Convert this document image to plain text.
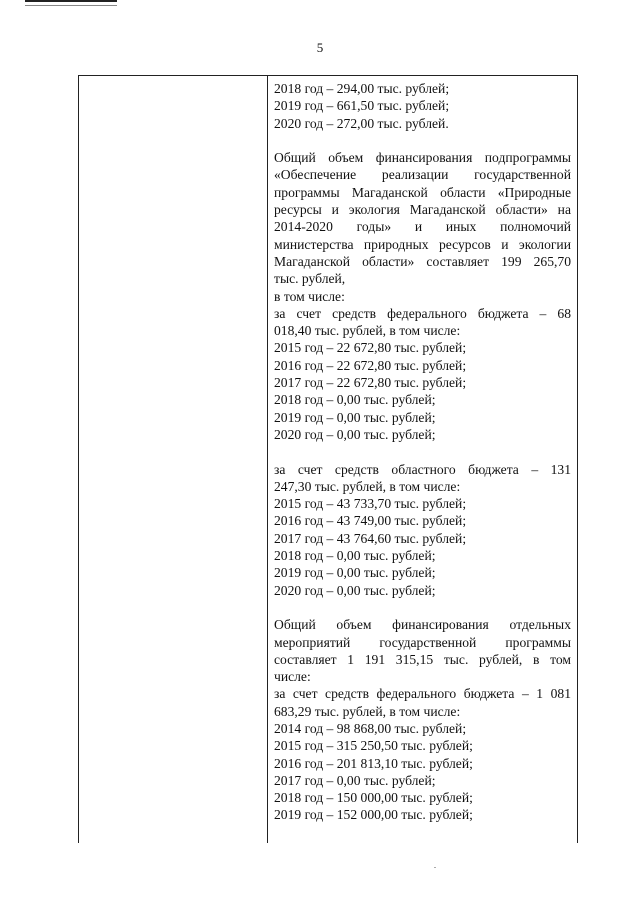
5
2018 год – 294,00 тыс. рублей;
2019 год – 661,50 тыс. рублей;
2020 год – 272,00 тыс. рублей.
Общий объем финансирования подпрограммы
«Обеспечение реализации государственной
программы Магаданской области «Природные
ресурсы и экология Магаданской области» на
2014-2020 годы» и иных полномочий
министерства природных ресурсов и экологии
Магаданской области» составляет 199 265,70
тыс. рублей,
в том числе:
за счет средств федерального бюджета – 68
018,40 тыс. рублей, в том числе:
2015 год – 22 672,80 тыс. рублей;
2016 год – 22 672,80 тыс. рублей;
2017 год – 22 672,80 тыс. рублей;
2018 год – 0,00 тыс. рублей;
2019 год – 0,00 тыс. рублей;
2020 год – 0,00 тыс. рублей;
за счет средств областного бюджета – 131
247,30 тыс. рублей, в том числе:
2015 год – 43 733,70 тыс. рублей;
2016 год – 43 749,00 тыс. рублей;
2017 год – 43 764,60 тыс. рублей;
2018 год – 0,00 тыс. рублей;
2019 год – 0,00 тыс. рублей;
2020 год – 0,00 тыс. рублей;
Общий объем финансирования отдельных
мероприятий государственной программы
составляет 1 191 315,15 тыс. рублей, в том
числе:
за счет средств федерального бюджета – 1 081
683,29 тыс. рублей, в том числе:
2014 год – 98 868,00 тыс. рублей;
2015 год – 315 250,50 тыс. рублей;
2016 год – 201 813,10 тыс. рублей;
2017 год – 0,00 тыс. рублей;
2018 год – 150 000,00 тыс. рублей;
2019 год – 152 000,00 тыс. рублей;
